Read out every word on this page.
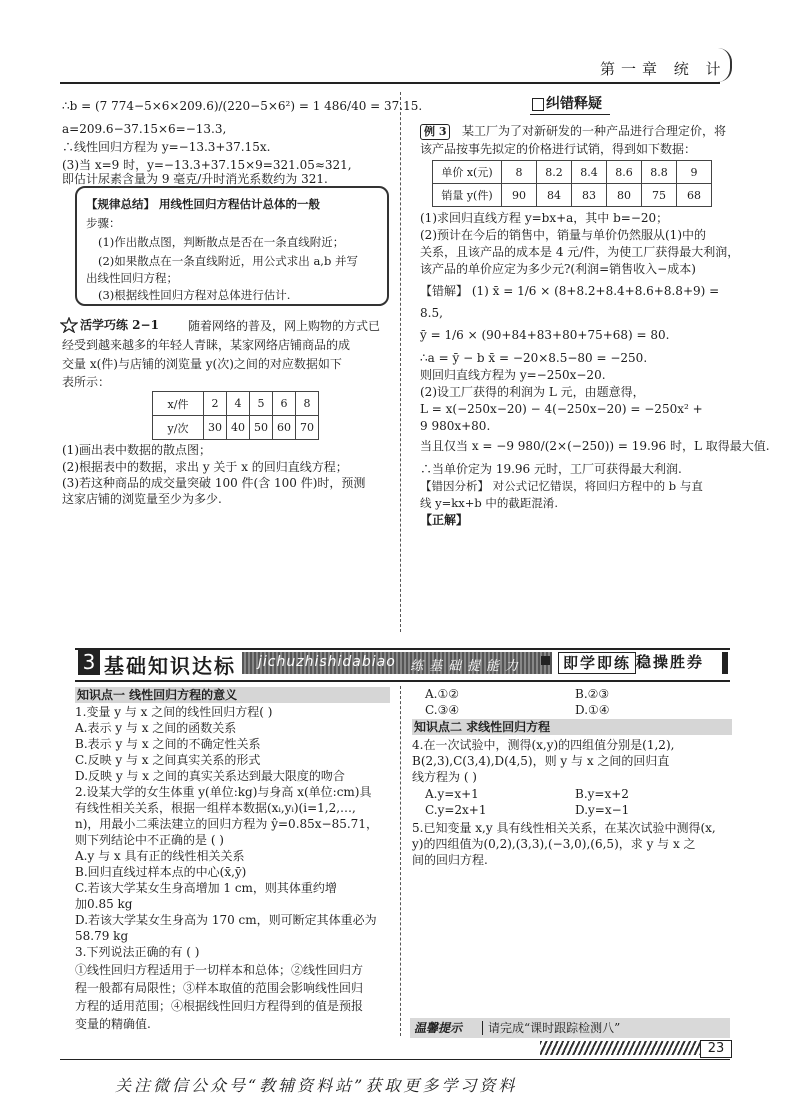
第一章 统 计
∴b = (7 774−5×6×209.6)/(220−5×6²) = 1 486/40 = 37.15.
a=209.6−37.15×6=−13.3,
∴线性回归方程为 y=−13.3+37.15x.
(3)当 x=9 时，y=−13.3+37.15×9=321.05≈321,
即估计尿素含量为 9 毫克/升时消光系数约为 321.
【规律总结】 用线性回归方程估计总体的一般
步骤：
(1)作出散点图，判断散点是否在一条直线附近；
(2)如果散点在一条直线附近，用公式求出 a,b 并写
出线性回归方程；
(3)根据线性回归方程对总体进行估计.
活学巧练 2−1 随着网络的普及，网上购物的方式已
经受到越来越多的年轻人青睐，某家网络店铺商品的成
交量 x(件)与店铺的浏览量 y(次)之间的对应数据如下
表所示：
x/件	2	4	5	6	8
y/次	30	40	50	60	70
(1)画出表中数据的散点图；
(2)根据表中的数据，求出 y 关于 x 的回归直线方程；
(3)若这种商品的成交量突破 100 件(含 100 件)时，预测
这家店铺的浏览量至少为多少.
纠错释疑
例 3	某工厂为了对新研发的一种产品进行合理定价，将
该产品按事先拟定的价格进行试销，得到如下数据：
单价 x(元)	8	8.2	8.4	8.6	8.8	9
销量 y(件)	90	84	83	80	75	68
(1)求回归直线方程 y=bx+a，其中 b=−20；
(2)预计在今后的销售中，销量与单价仍然服从(1)中的
关系，且该产品的成本是 4 元/件，为使工厂获得最大利润，
该产品的单价应定为多少元?(利润=销售收入−成本)
【错解】 (1) x̄ = 1/6 × (8+8.2+8.4+8.6+8.8+9) =
8.5,
ȳ = 1/6 × (90+84+83+80+75+68) = 80.
∴a = ȳ − b x̄ = −20×8.5−80 = −250.
则回归直线方程为 y=−250x−20.
(2)设工厂获得的利润为 L 元，由题意得，
L = x(−250x−20) − 4(−250x−20) = −250x² +
9 980x+80.
当且仅当 x = −9 980/(2×(−250)) = 19.96 时，L 取得最大值.
∴当单价定为 19.96 元时，工厂可获得最大利润.
【错因分析】 对公式记忆错误，将回归方程中的 b 与直
线 y=kx+b 中的截距混淆.
【正解】
3 基础知识达标 jichuzhishidabiao 练基础提能力	即学即练 稳操胜券
知识点一 线性回归方程的意义
1.变量 y 与 x 之间的线性回归方程( )
A.表示 y 与 x 之间的函数关系
B.表示 y 与 x 之间的不确定性关系
C.反映 y 与 x 之间真实关系的形式
D.反映 y 与 x 之间的真实关系达到最大限度的吻合
2.设某大学的女生体重 y(单位:kg)与身高 x(单位:cm)具
有线性相关关系，根据一组样本数据(xᵢ,yᵢ)(i=1,2,…,
n)，用最小二乘法建立的回归方程为 ŷ=0.85x−85.71，
则下列结论中不正确的是 ( )
A.y 与 x 具有正的线性相关关系
B.回归直线过样本点的中心(x̄,ȳ)
C.若该大学某女生身高增加 1 cm，则其体重约增
加0.85 kg
D.若该大学某女生身高为 170 cm，则可断定其体重必为
58.79 kg
3.下列说法正确的有 ( )
①线性回归方程适用于一切样本和总体；②线性回归方
程一般都有局限性；③样本取值的范围会影响线性回归
方程的适用范围；④根据线性回归方程得到的值是预报
变量的精确值.
A.①②	B.②③
C.③④	D.①④
知识点二 求线性回归方程
4.在一次试验中，测得(x,y)的四组值分别是(1,2),
B(2,3),C(3,4),D(4,5)，则 y 与 x 之间的回归直
线方程为 ( )
A.y=x+1	B.y=x+2
C.y=2x+1	D.y=x−1
5.已知变量 x,y 具有线性相关关系，在某次试验中测得(x,
y)的四组值为(0,2),(3,3),(−3,0),(6,5)，求 y 与 x 之
间的回归方程.
温馨提示 请完成“课时跟踪检测八”
23
关注微信公众号“教辅资料站”获取更多学习资料
